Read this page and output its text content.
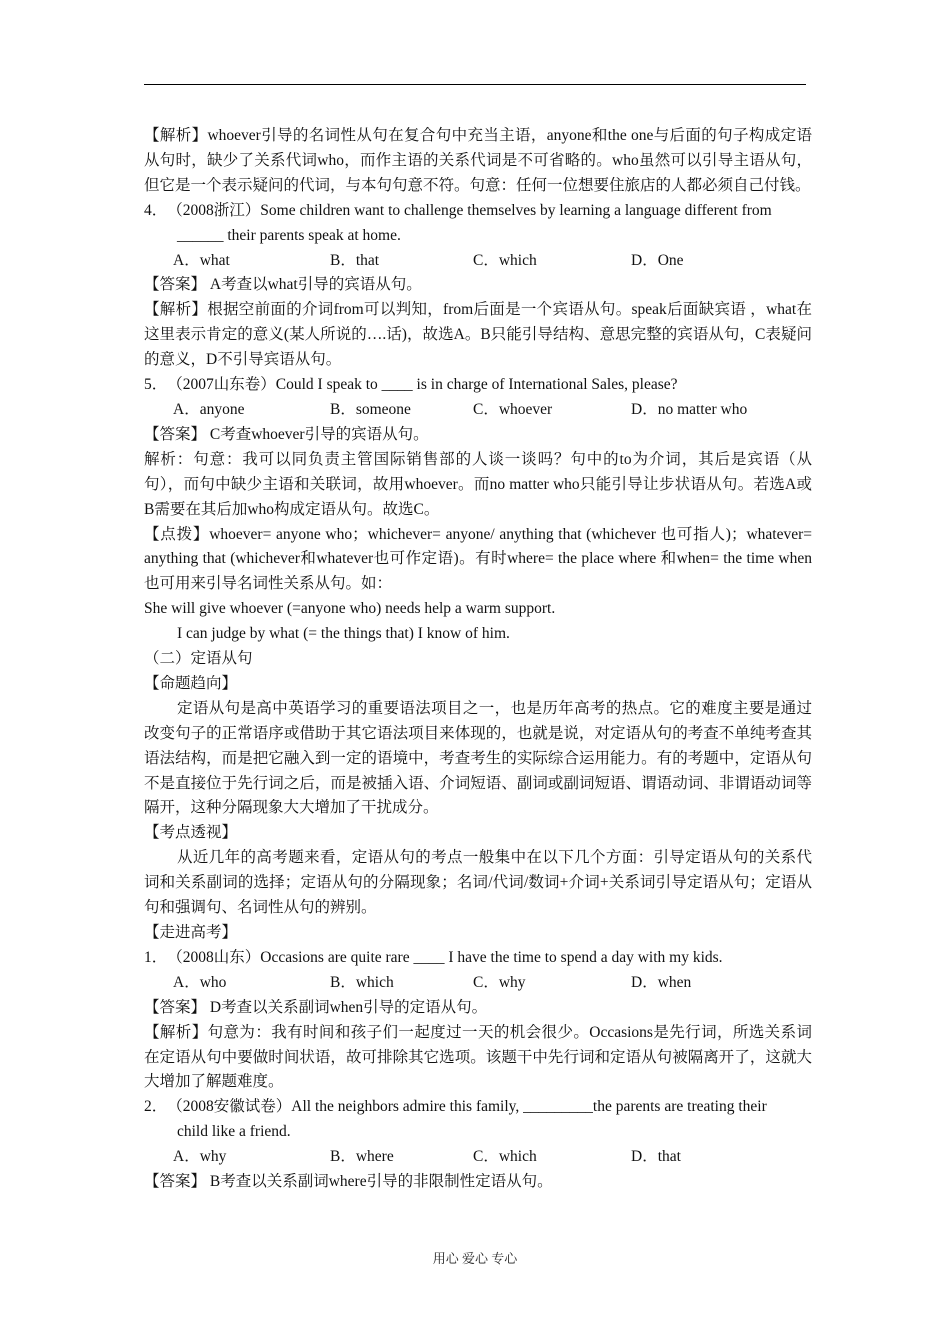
【解析】whoever引导的名词性从句在复合句中充当主语，anyone和the one与后面的句子构成定语从句时，缺少了关系代词who，而作主语的关系代词是不可省略的。who虽然可以引导主语从句，但它是一个表示疑问的代词，与本句句意不符。句意：任何一位想要住旅店的人都必须自己付钱。

4． （2008浙江）Some children want to challenge themselves by learning a language different from

______ their parents speak at home.

A．what	B．that	C．which	D．One

【答案】 A考查以what引导的宾语从句。

【解析】根据空前面的介词from可以判知，from后面是一个宾语从句。speak后面缺宾语 ，what在这里表示肯定的意义(某人所说的….话)，故选A。B只能引导结构、意思完整的宾语从句，C表疑问的意义，D不引导宾语从句。

5． （2007山东卷）Could I speak to ____ is in charge of International Sales, please?
A．anyone	B．someone	C．whoever	D．no matter who

【答案】 C考查whoever引导的宾语从句。

解析：句意：我可以同负责主管国际销售部的人谈一谈吗？句中的to为介词，其后是宾语（从句），而句中缺少主语和关联词，故用whoever。而no matter who只能引导让步状语从句。若选A或B需要在其后加who构成定语从句。故选C。

【点拨】whoever= anyone who；whichever= anyone/ anything that (whichever 也可指人)；whatever= anything that (whichever和whatever也可作定语)。有时where= the place where 和when= the time when也可用来引导名词性关系从句。如：

She will give whoever (=anyone who) needs help a warm support.

I can judge by what (= the things that) I know of him.

（二）定语从句

【命题趋向】

定语从句是高中英语学习的重要语法项目之一，也是历年高考的热点。它的难度主要是通过改变句子的正常语序或借助于其它语法项目来体现的，也就是说，对定语从句的考查不单纯考查其语法结构，而是把它融入到一定的语境中，考查考生的实际综合运用能力。有的考题中，定语从句不是直接位于先行词之后，而是被插入语、介词短语、副词或副词短语、谓语动词、非谓语动词等隔开，这种分隔现象大大增加了干扰成分。

【考点透视】

从近几年的高考题来看，定语从句的考点一般集中在以下几个方面：引导定语从句的关系代词和关系副词的选择；定语从句的分隔现象；名词/代词/数词+介词+关系词引导定语从句；定语从句和强调句、名词性从句的辨别。

【走进高考】

1． （2008山东）Occasions are quite rare ____ I have the time to spend a day with my kids.
A．who	B．which	C．why	D．when

【答案】 D考查以关系副词when引导的定语从句。

【解析】句意为：我有时间和孩子们一起度过一天的机会很少。Occasions是先行词，所选关系词在定语从句中要做时间状语，故可排除其它选项。该题干中先行词和定语从句被隔离开了，这就大大增加了解题难度。

2． （2008安徽试卷）All the neighbors admire this family, _________the parents are treating their

child like a friend.

A．why	B．where	C．which	D．that

【答案】 B考查以关系副词where引导的非限制性定语从句。

用心 爱心 专心
